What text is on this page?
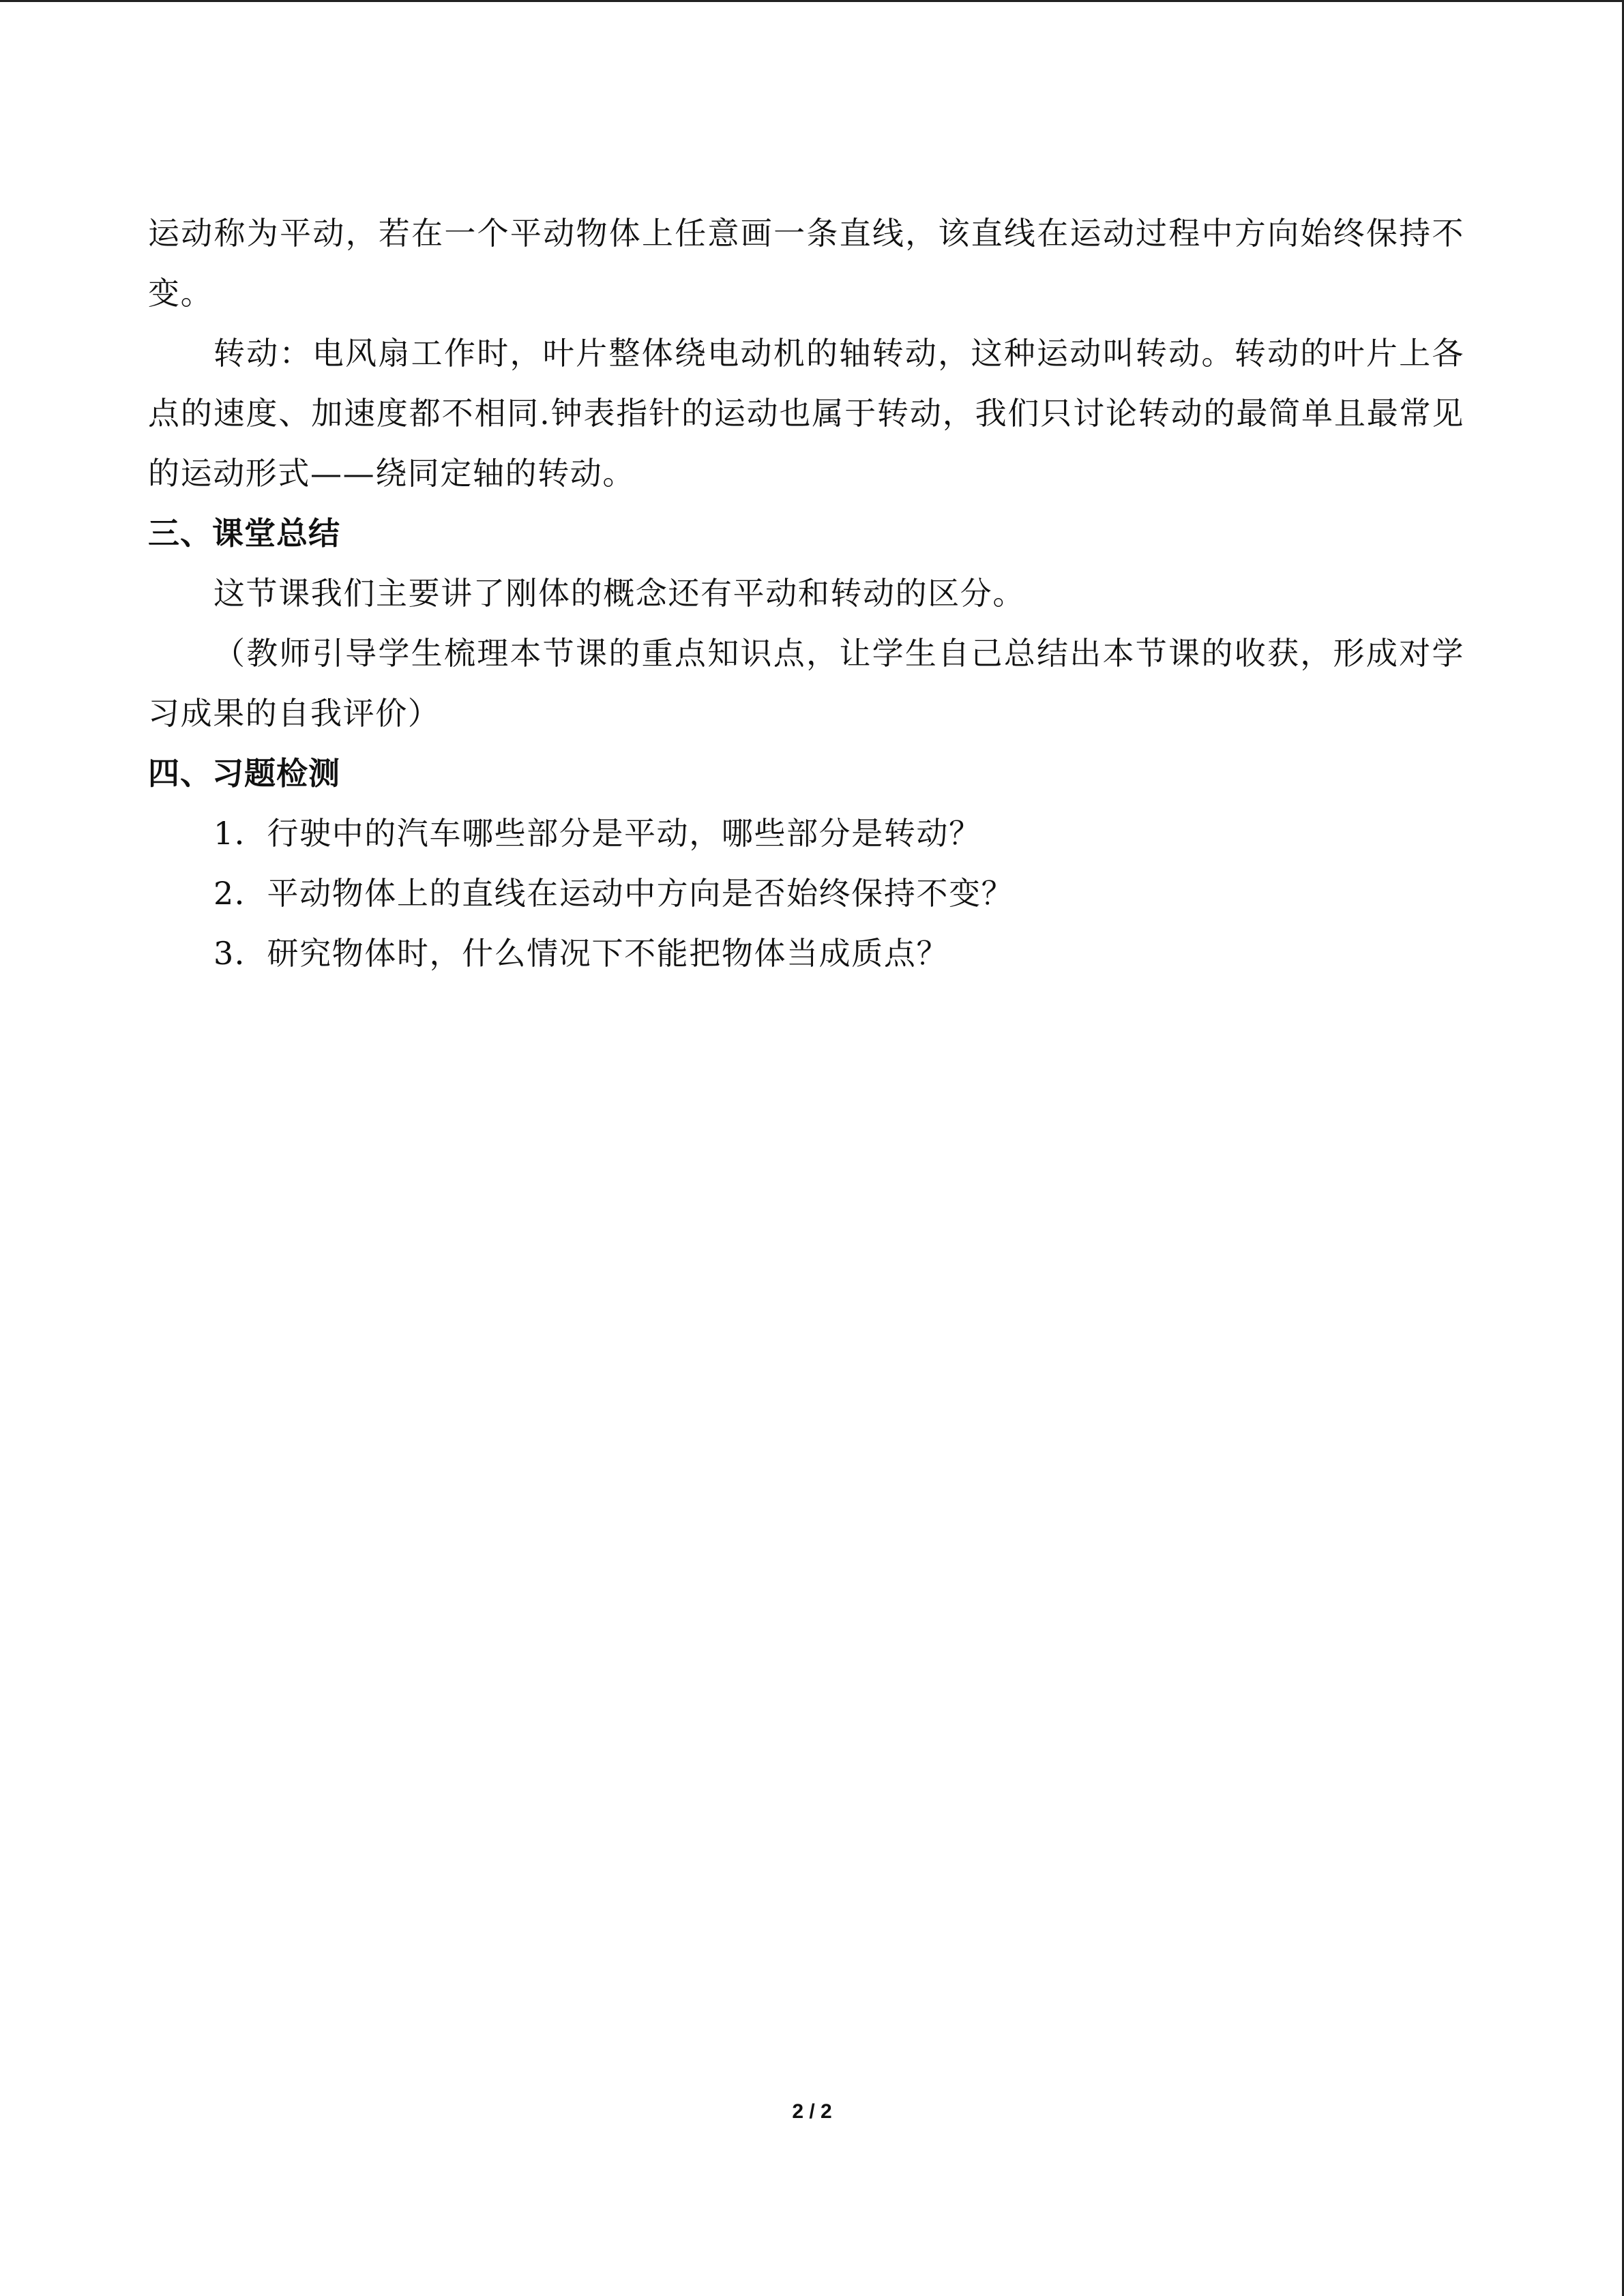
运动称为平动，若在一个平动物体上任意画一条直线，该直线在运动过程中方向始终保持不变。

转动：电风扇工作时，叶片整体绕电动机的轴转动，这种运动叫转动。转动的叶片上各点的速度、加速度都不相同.钟表指针的运动也属于转动，我们只讨论转动的最简单且最常见的运动形式——绕同定轴的转动。

三、课堂总结

这节课我们主要讲了刚体的概念还有平动和转动的区分。

（教师引导学生梳理本节课的重点知识点，让学生自己总结出本节课的收获，形成对学习成果的自我评价）

四、习题检测

1．行驶中的汽车哪些部分是平动，哪些部分是转动？

2．平动物体上的直线在运动中方向是否始终保持不变？

3．研究物体时，什么情况下不能把物体当成质点？

2 / 2
